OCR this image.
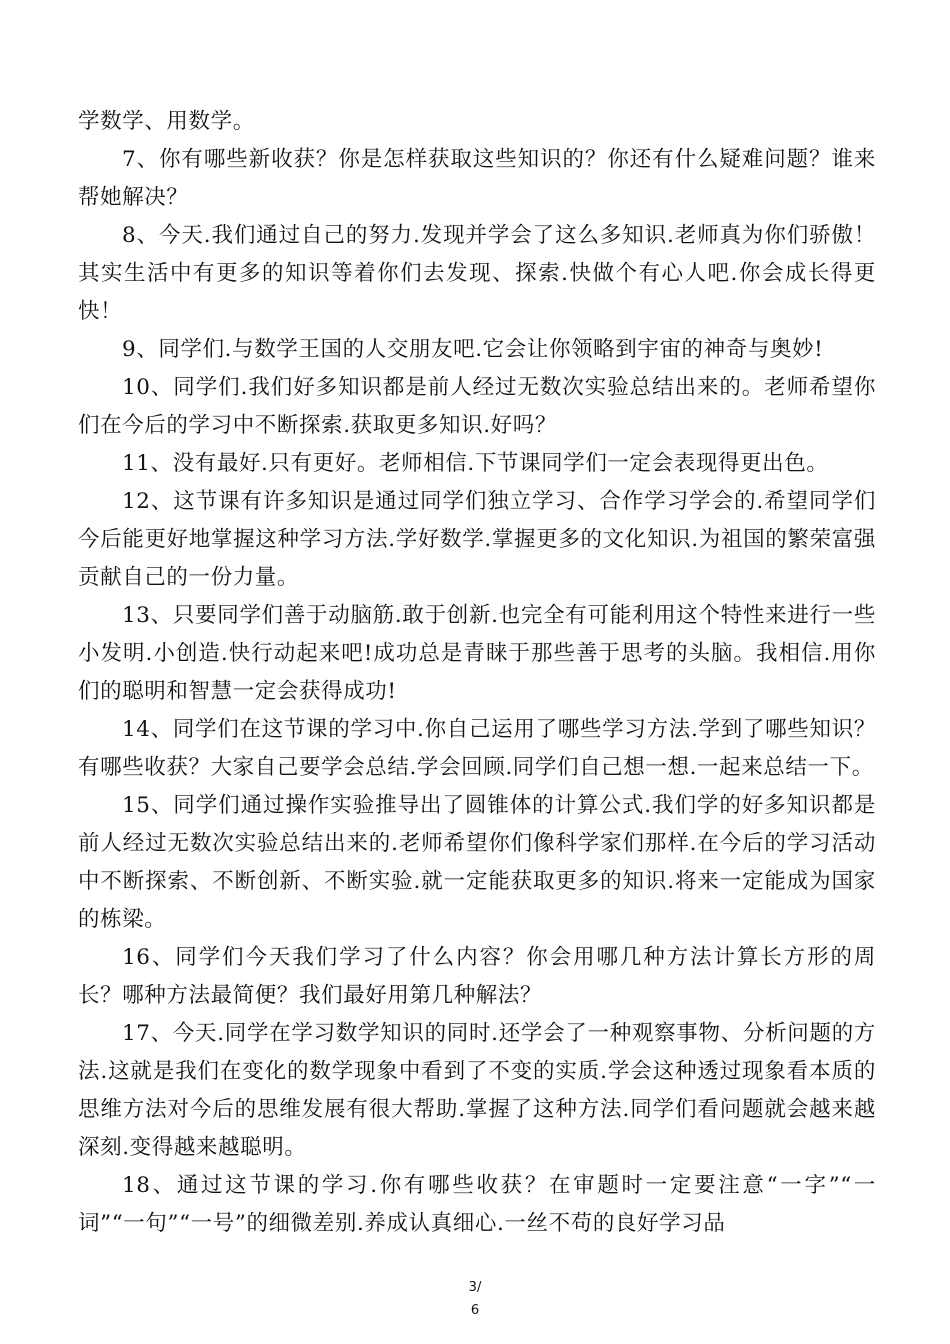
学数学、用数学。

7、你有哪些新收获？你是怎样获取这些知识的？你还有什么疑难问题？谁来帮她解决？

8、今天.我们通过自己的努力.发现并学会了这么多知识.老师真为你们骄傲！其实生活中有更多的知识等着你们去发现、探索.快做个有心人吧.你会成长得更快！

9、同学们.与数学王国的人交朋友吧.它会让你领略到宇宙的神奇与奥妙!

10、同学们.我们好多知识都是前人经过无数次实验总结出来的。老师希望你们在今后的学习中不断探索.获取更多知识.好吗？

11、没有最好.只有更好。老师相信.下节课同学们一定会表现得更出色。

12、这节课有许多知识是通过同学们独立学习、合作学习学会的.希望同学们今后能更好地掌握这种学习方法.学好数学.掌握更多的文化知识.为祖国的繁荣富强贡献自己的一份力量。

13、只要同学们善于动脑筋.敢于创新.也完全有可能利用这个特性来进行一些小发明.小创造.快行动起来吧!成功总是青睐于那些善于思考的头脑。我相信.用你们的聪明和智慧一定会获得成功!

14、同学们在这节课的学习中.你自己运用了哪些学习方法.学到了哪些知识？有哪些收获？大家自己要学会总结.学会回顾.同学们自己想一想.一起来总结一下。

15、同学们通过操作实验推导出了圆锥体的计算公式.我们学的好多知识都是前人经过无数次实验总结出来的.老师希望你们像科学家们那样.在今后的学习活动中不断探索、不断创新、不断实验.就一定能获取更多的知识.将来一定能成为国家的栋梁。

16、同学们今天我们学习了什么内容？你会用哪几种方法计算长方形的周长？哪种方法最简便？我们最好用第几种解法？

17、今天.同学在学习数学知识的同时.还学会了一种观察事物、分析问题的方法.这就是我们在变化的数学现象中看到了不变的实质.学会这种透过现象看本质的思维方法对今后的思维发展有很大帮助.掌握了这种方法.同学们看问题就会越来越深刻.变得越来越聪明。

18、通过这节课的学习.你有哪些收获？在审题时一定要注意“一字”“一词”“一句”“一号”的细微差别.养成认真细心.一丝不苟的良好学习品

3/
6
